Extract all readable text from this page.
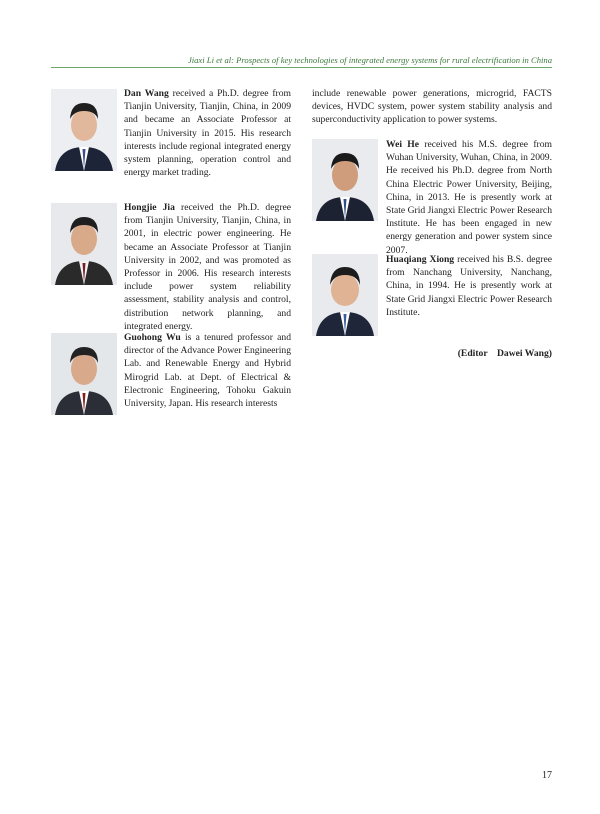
Jiaxi Li et al: Prospects of key technologies of integrated energy systems for rural electrification in China
Dan Wang received a Ph.D. degree from Tianjin University, Tianjin, China, in 2009 and became an Associate Professor at Tianjin University in 2015. His research interests include regional integrated energy system planning, operation control and energy market trading.
Hongjie Jia received the Ph.D. degree from Tianjin University, Tianjin, China, in 2001, in electric power engineering. He became an Associate Professor at Tianjin University in 2002, and was promoted as Professor in 2006. His research interests include power system reliability assessment, stability analysis and control, distribution network planning, and integrated energy.
Guohong Wu is a tenured professor and director of the Advance Power Engineering Lab. and Renewable Energy and Hybrid Mirogrid Lab. at Dept. of Electrical & Electronic Engineering, Tohoku Gakuin University, Japan. His research interests
include renewable power generations, microgrid, FACTS devices, HVDC system, power system stability analysis and superconductivity application to power systems.
Wei He received his M.S. degree from Wuhan University, Wuhan, China, in 2009. He received his Ph.D. degree from North China Electric Power University, Beijing, China, in 2013. He is presently work at State Grid Jiangxi Electric Power Research Institute. He has been engaged in new energy generation and power system since 2007.
Huaqiang Xiong received his B.S. degree from Nanchang University, Nanchang, China, in 1994. He is presently work at State Grid Jiangxi Electric Power Research Institute.
(Editor    Dawei Wang)
17
